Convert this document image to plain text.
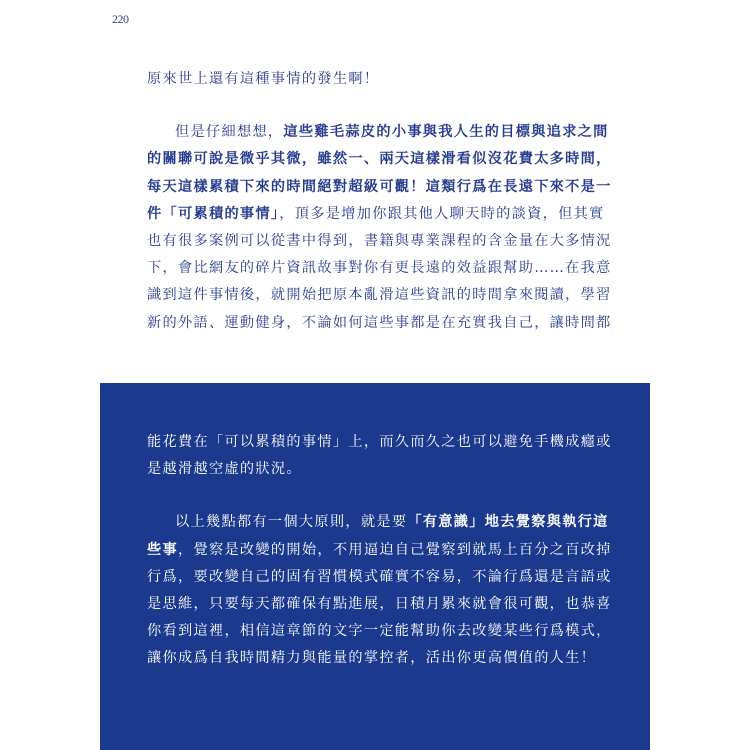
220

原來世上還有這種事情的發生啊！

但是仔細想想，這些雞毛蒜皮的小事與我人生的目標與追求之間

的關聯可說是微乎其微，雖然一、兩天這樣滑看似沒花費太多時間，

每天這樣累積下來的時間絕對超級可觀！這類行爲在長遠下來不是一

件「可累積的事情」，頂多是增加你跟其他人聊天時的談資，但其實

也有很多案例可以從書中得到，書籍與專業課程的含金量在大多情況

下，會比網友的碎片資訊故事對你有更長遠的效益跟幫助……在我意

識到這件事情後，就開始把原本亂滑這些資訊的時間拿來閱讀，學習

新的外語、運動健身，不論如何這些事都是在充實我自己，讓時間都

能花費在「可以累積的事情」上，而久而久之也可以避免手機成癮或

是越滑越空虛的狀況。

以上幾點都有一個大原則，就是要「有意識」地去覺察與執行這

些事，覺察是改變的開始，不用逼迫自己覺察到就馬上百分之百改掉

行爲，要改變自己的固有習慣模式確實不容易，不論行爲還是言語或

是思維，只要每天都確保有點進展，日積月累來就會很可觀，也恭喜

你看到這裡，相信這章節的文字一定能幫助你去改變某些行爲模式，

讓你成爲自我時間精力與能量的掌控者，活出你更高價值的人生！
